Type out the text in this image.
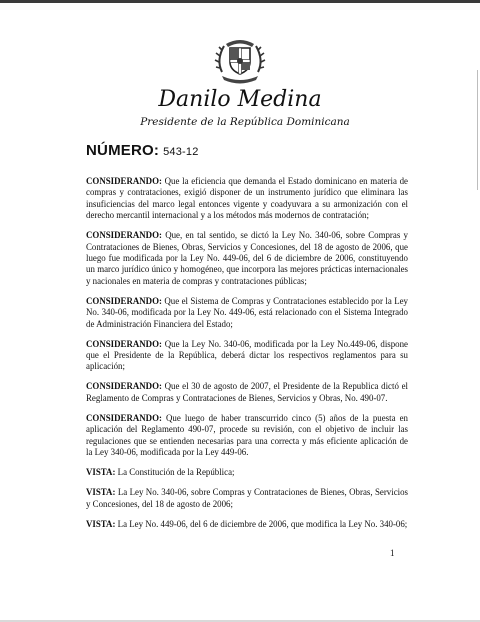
Danilo Medina
Presidente de la República Dominicana
NÚMERO: 543-12

CONSIDERANDO: Que la eficiencia que demanda el Estado dominicano en materia de compras y contrataciones, exigió disponer de un instrumento jurídico que eliminara las insuficiencias del marco legal entonces vigente y coadyuvara a su armonización con el derecho mercantil internacional y a los métodos más modernos de contratación;

CONSIDERANDO: Que, en tal sentido, se dictó la Ley No. 340-06, sobre Compras y Contrataciones de Bienes, Obras, Servicios y Concesiones, del 18 de agosto de 2006, que luego fue modificada por la Ley No. 449-06, del 6 de diciembre de 2006, constituyendo un marco jurídico único y homogéneo, que incorpora las mejores prácticas internacionales y nacionales en materia de compras y contrataciones públicas;

CONSIDERANDO: Que el Sistema de Compras y Contrataciones establecido por la Ley No. 340-06, modificada por la Ley No. 449-06, está relacionado con el Sistema Integrado de Administración Financiera del Estado;

CONSIDERANDO: Que la Ley No. 340-06, modificada por la Ley No.449-06, dispone que el Presidente de la República, deberá dictar los respectivos reglamentos para su aplicación;

CONSIDERANDO: Que el 30 de agosto de 2007, el Presidente de la Republica dictó el Reglamento de Compras y Contrataciones de Bienes, Servicios y Obras, No. 490-07.

CONSIDERANDO: Que luego de haber transcurrido cinco (5) años de la puesta en aplicación del Reglamento 490-07, procede su revisión, con el objetivo de incluir las regulaciones que se entienden necesarias para una correcta y más eficiente aplicación de la Ley 340-06, modificada por la Ley 449-06.

VISTA: La Constitución de la República;

VISTA: La Ley No. 340-06, sobre Compras y Contrataciones de Bienes, Obras, Servicios y Concesiones, del 18 de agosto de 2006;

VISTA: La Ley No. 449-06, del 6 de diciembre de 2006, que modifica la Ley No. 340-06;

1
